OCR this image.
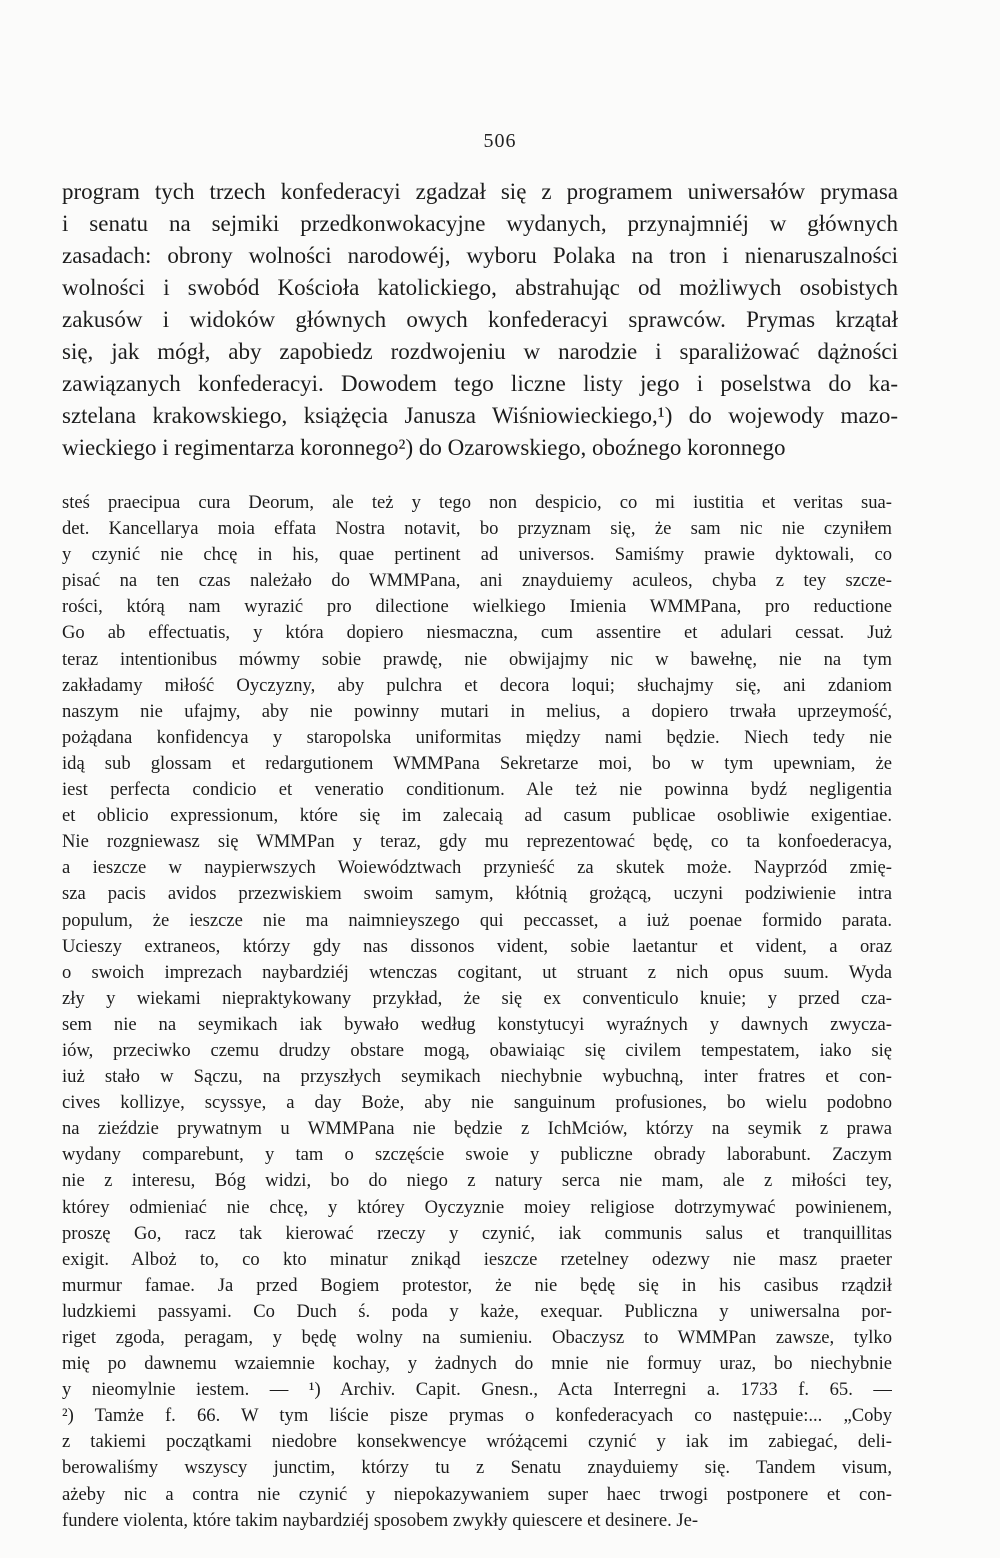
506
program tych trzech konfederacyi zgadzał się z programem uniwersałów prymasa
i senatu na sejmiki przedkonwokacyjne wydanych, przynajmniéj w głównych
zasadach: obrony wolności narodowéj, wyboru Polaka na tron i nienaruszalności
wolności i swobód Kościoła katolickiego, abstrahując od możliwych osobistych
zakusów i widoków głównych owych konfederacyi sprawców. Prymas krzątał
się, jak mógł, aby zapobiedz rozdwojeniu w narodzie i sparaliżować dążności
zawiązanych konfederacyi. Dowodem tego liczne listy jego i poselstwa do ka-
sztelana krakowskiego, książęcia Janusza Wiśniowieckiego,¹) do wojewody mazo-
wieckiego i regimentarza koronnego²) do Ozarowskiego, oboźnego koronnego
steś praecipua cura Deorum, ale też y tego non despicio, co mi iustitia et veritas sua-
det. Kancellarya moia effata Nostra notavit, bo przyznam się, że sam nic nie czyniłem
y czynić nie chcę in his, quae pertinent ad universos. Samiśmy prawie dyktowali, co
pisać na ten czas należało do WMMPana, ani znayduiemy aculeos, chyba z tey szcze-
rości, którą nam wyrazić pro dilectione wielkiego Imienia WMMPana, pro reductione
Go ab effectuatis, y która dopiero niesmaczna, cum assentire et adulari cessat. Już
teraz intentionibus mówmy sobie prawdę, nie obwijajmy nic w bawełnę, nie na tym
zakładamy miłość Oyczyzny, aby pulchra et decora loqui; słuchajmy się, ani zdaniom
naszym nie ufajmy, aby nie powinny mutari in melius, a dopiero trwała uprzeymość,
pożądana konfidencya y staropolska uniformitas między nami będzie. Niech tedy nie
idą sub glossam et redargutionem WMMPana Sekretarze moi, bo w tym upewniam, że
iest perfecta condicio et veneratio conditionum. Ale też nie powinna bydź negligentia
et oblicio expressionum, które się im zalecaią ad casum publicae osobliwie exigentiae.
Nie rozgniewasz się WMMPan y teraz, gdy mu reprezentować będę, co ta konfoederacya,
a ieszcze w naypierwszych Woiewództwach przynieść za skutek może. Nayprzód zmię-
sza pacis avidos przezwiskiem swoim samym, kłótnią grożącą, uczyni podziwienie intra
populum, że ieszcze nie ma naimnieyszego qui peccasset, a iuż poenae formido parata.
Ucieszy extraneos, którzy gdy nas dissonos vident, sobie laetantur et vident, a oraz
o swoich imprezach naybardziéj wtenczas cogitant, ut struant z nich opus suum. Wyda
zły y wiekami niepraktykowany przykład, że się ex conventiculo knuie; y przed cza-
sem nie na seymikach iak bywało według konstytucyi wyraźnych y dawnych zwyczа-
iów, przeciwko czemu drudzy obstare mogą, obawiaiąc się civilem tempestatem, iako się
iuż stało w Sączu, na przyszłych seymikach niechybnie wybuchną, inter fratres et con-
cives kollizye, scyssye, a day Boże, aby nie sanguinum profusiones, bo wielu podobno
na zieździe prywatnym u WMMPana nie będzie z IchMciów, którzy na seymik z prawa
wydany comparebunt, y tam o szczęście swoie y publiczne obrady laborabunt. Zaczym
nie z interesu, Bóg widzi, bo do niego z natury serca nie mam, ale z miłości tey,
którey odmieniać nie chcę, y którey Oyczyznie moiey religiose dotrzymywać powinienem,
proszę Go, racz tak kierować rzeczy y czynić, iak communis salus et tranquillitas
exigit. Alboż to, co kto minatur znikąd ieszcze rzetelney odezwy nie masz praeter
murmur famae. Ja przed Bogiem protestor, że nie będę się in his casibus rządził
ludzkiemi passyami. Co Duch ś. poda y każe, exequar. Publiczna y uniwersalna por-
riget zgoda, peragam, y będę wolny na sumieniu. Obaczysz to WMMPan zawsze, tylko
mię po dawnemu wzaiemnie kochay, y żadnych do mnie nie formuy uraz, bo niechybnie
y nieomylnie iestem. — ¹) Archiv. Capit. Gnesn., Acta Interregni a. 1733 f. 65. —
²) Tamże f. 66. W tym liście pisze prymas o konfederacyach co następuie:... „Coby
z takiemi początkami niedobre konsekwencye wróżącemi czynić y iak im zabiegać, deli-
berowaliśmy wszyscy junctim, którzy tu z Senatu znayduiemy się. Tandem visum,
ażeby nic a contra nie czynić y niepokazywaniem super haec trwogi postponere et con-
fundere violenta, które takim naybardziéj sposobem zwykły quiescere et desinere. Je-
